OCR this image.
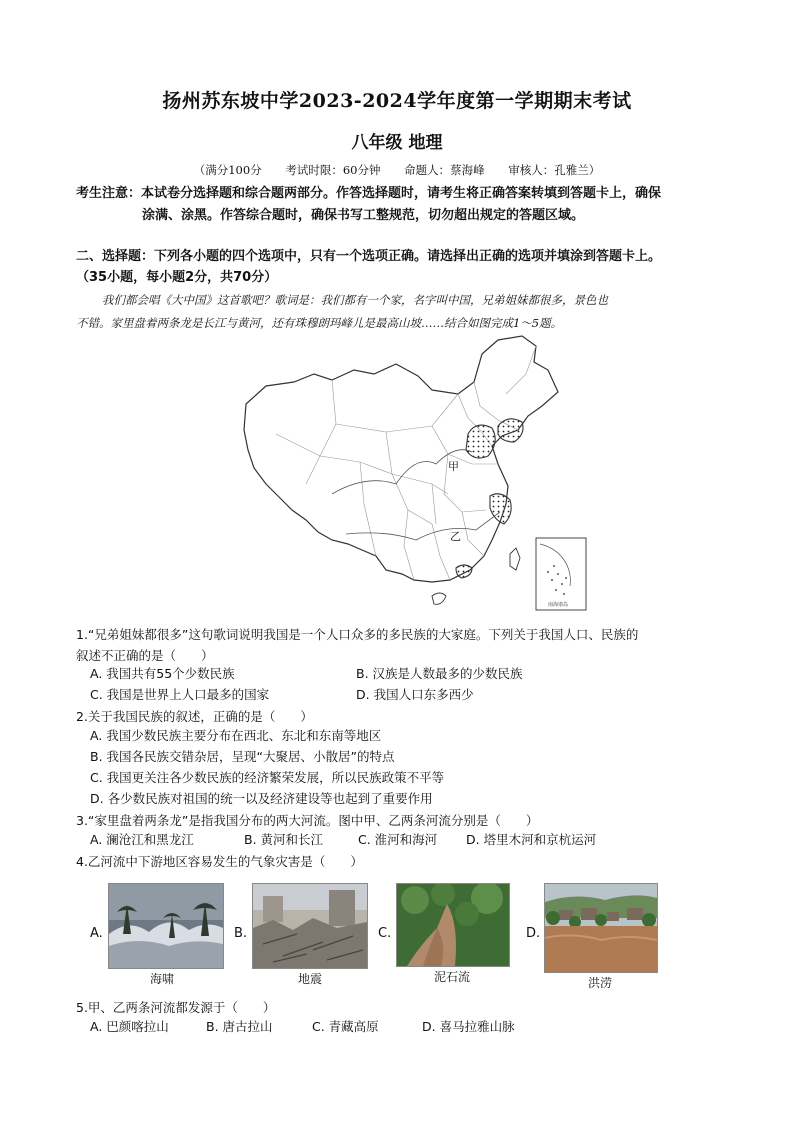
扬州苏东坡中学2023-2024学年度第一学期期末考试
八年级 地理
（满分100分 考试时限：60分钟 命题人：蔡海峰 审核人：孔雅兰）
考生注意：本试卷分选择题和综合题两部分。作答选择题时，请考生将正确答案转填到答题卡上，确保
涂满、涂黑。作答综合题时，确保书写工整规范，切勿超出规定的答题区域。
二、选择题：下列各小题的四个选项中，只有一个选项正确。请选择出正确的选项并填涂到答题卡上。
（35小题，每小题2分，共70分）
我们都会唱《大中国》这首歌吧？歌词是：我们都有一个家，名字叫中国，兄弟姐妹都很多，景色也
不错。家里盘着两条龙是长江与黄河，还有珠穆朗玛峰儿是最高山坡……结合如图完成1～5题。
甲
乙
南海诸岛
1.“兄弟姐妹都很多”这句歌词说明我国是一个人口众多的多民族的大家庭。下列关于我国人口、民族的
叙述不正确的是（　　）
A. 我国共有55个少数民族	B. 汉族是人数最多的少数民族
C. 我国是世界上人口最多的国家	D. 我国人口东多西少
2.关于我国民族的叙述，正确的是（　　）
A. 我国少数民族主要分布在西北、东北和东南等地区
B. 我国各民族交错杂居，呈现“大聚居、小散居”的特点
C. 我国更关注各少数民族的经济繁荣发展，所以民族政策不平等
D. 各少数民族对祖国的统一以及经济建设等也起到了重要作用
3.“家里盘着两条龙”是指我国分布的两大河流。图中甲、乙两条河流分别是（　　）
A. 澜沧江和黑龙江	B. 黄河和长江	C. 淮河和海河 D. 塔里木河和京杭运河
4.乙河流中下游地区容易发生的气象灾害是（　　）
A.
海啸
B.
地震
C.
泥石流
D.
洪涝
5.甲、乙两条河流都发源于（　　）
A. 巴颜喀拉山	B. 唐古拉山	C. 青藏高原	D. 喜马拉雅山脉
